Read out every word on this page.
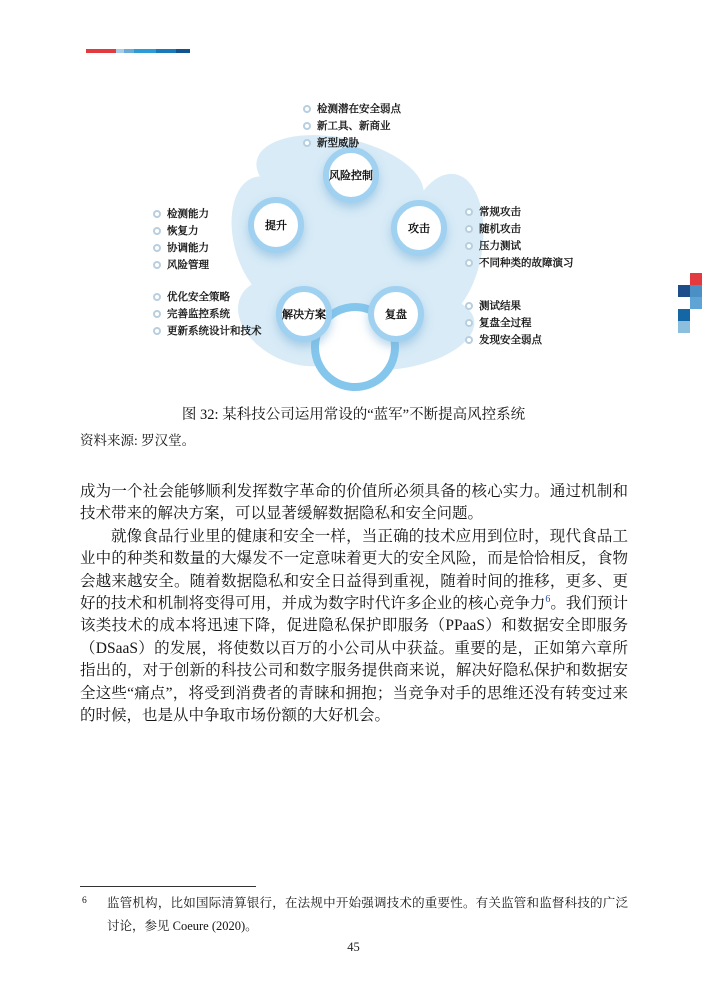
风险控制
提升	攻击
解决方案	复盘
检测潜在安全弱点
新工具、新商业
新型威胁
检测能力
恢复力
协调能力
风险管理
优化安全策略
完善监控系统
更新系统设计和技术
常规攻击
随机攻击
压力测试
不同种类的故障演习
测试结果
复盘全过程
发现安全弱点
图 32: 某科技公司运用常设的“蓝军”不断提高风控系统
资料来源: 罗汉堂。

成为一个社会能够顺利发挥数字革命的价值所必须具备的核心实力。通过机制和技术带来的解决方案，可以显著缓解数据隐私和安全问题。

就像食品行业里的健康和安全一样，当正确的技术应用到位时，现代食品工业中的种类和数量的大爆发不一定意味着更大的安全风险，而是恰恰相反，食物会越来越安全。随着数据隐私和安全日益得到重视，随着时间的推移，更多、更好的技术和机制将变得可用，并成为数字时代许多企业的核心竞争力$^6$。我们预计该类技术的成本将迅速下降，促进隐私保护即服务（PPaaS）和数据安全即服务（DSaaS）的发展，将使数以百万的小公司从中获益。重要的是，正如第六章所指出的，对于创新的科技公司和数字服务提供商来说，解决好隐私保护和数据安全这些“痛点”，将受到消费者的青睐和拥抱；当竞争对手的思维还没有转变过来的时候，也是从中争取市场份额的大好机会。

6 监管机构，比如国际清算银行，在法规中开始强调技术的重要性。有关监管和监督科技的广泛讨论，参见 Coeure (2020)。
45
